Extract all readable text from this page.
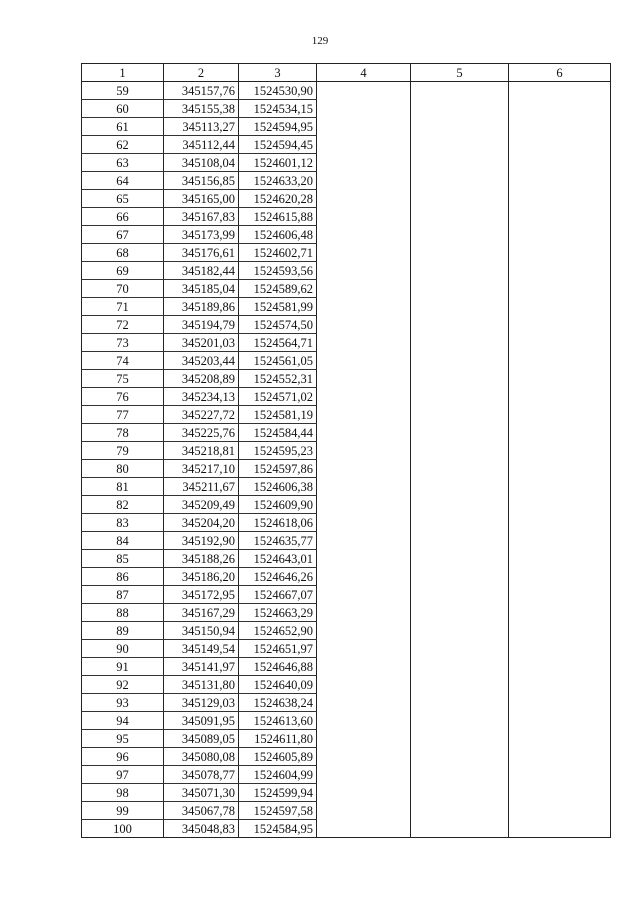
129
1	2	3	4	5	6
59	345157,76	1524530,90			
60	345155,38	1524534,15			
61	345113,27	1524594,95			
62	345112,44	1524594,45			
63	345108,04	1524601,12			
64	345156,85	1524633,20			
65	345165,00	1524620,28			
66	345167,83	1524615,88			
67	345173,99	1524606,48			
68	345176,61	1524602,71			
69	345182,44	1524593,56			
70	345185,04	1524589,62			
71	345189,86	1524581,99			
72	345194,79	1524574,50			
73	345201,03	1524564,71			
74	345203,44	1524561,05			
75	345208,89	1524552,31			
76	345234,13	1524571,02			
77	345227,72	1524581,19			
78	345225,76	1524584,44			
79	345218,81	1524595,23			
80	345217,10	1524597,86			
81	345211,67	1524606,38			
82	345209,49	1524609,90			
83	345204,20	1524618,06			
84	345192,90	1524635,77			
85	345188,26	1524643,01			
86	345186,20	1524646,26			
87	345172,95	1524667,07			
88	345167,29	1524663,29			
89	345150,94	1524652,90			
90	345149,54	1524651,97			
91	345141,97	1524646,88			
92	345131,80	1524640,09			
93	345129,03	1524638,24			
94	345091,95	1524613,60			
95	345089,05	1524611,80			
96	345080,08	1524605,89			
97	345078,77	1524604,99			
98	345071,30	1524599,94			
99	345067,78	1524597,58			
100	345048,83	1524584,95			
